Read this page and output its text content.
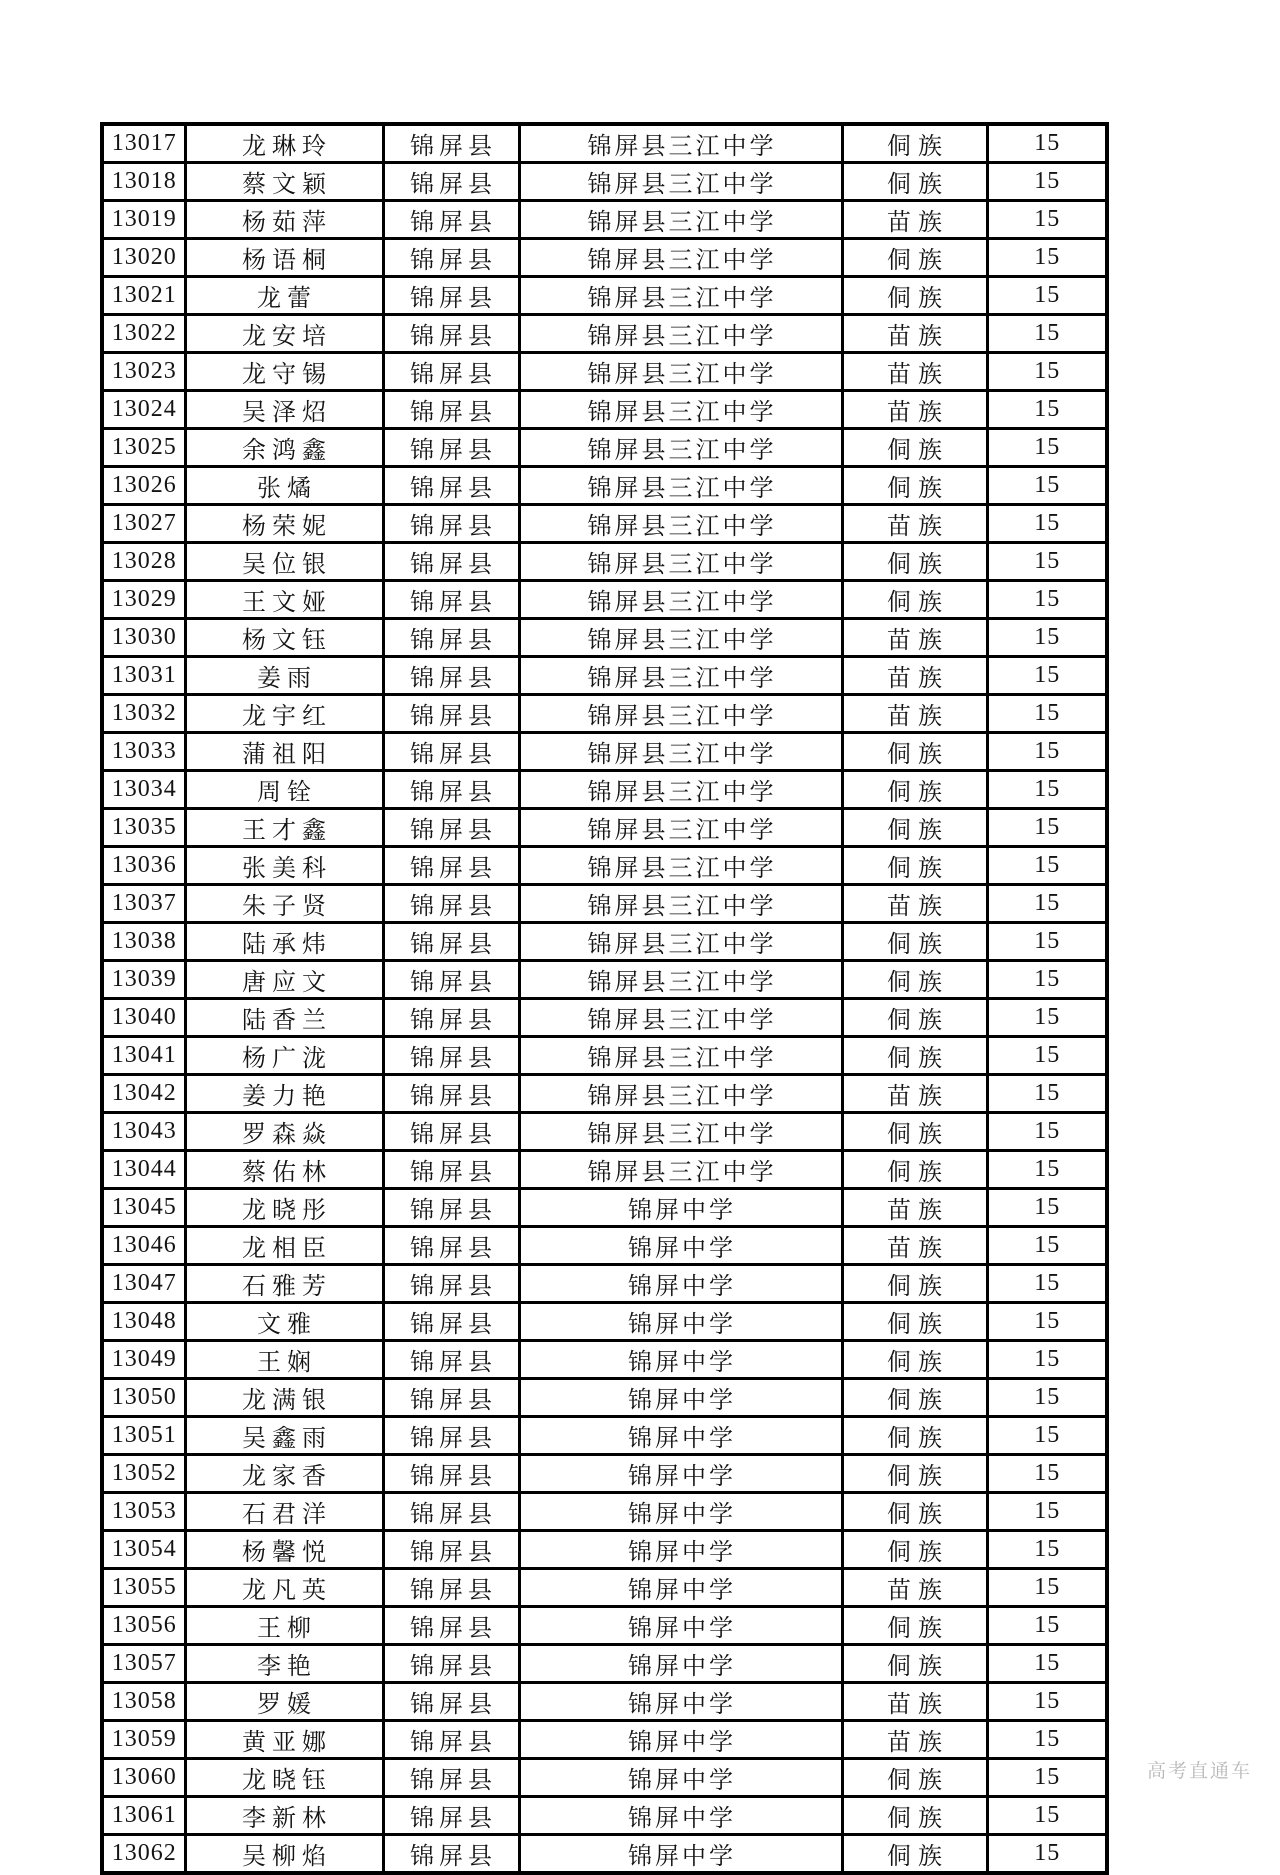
13017	龙琳玲	锦屏县	锦屏县三江中学	侗族	15
13018	蔡文颖	锦屏县	锦屏县三江中学	侗族	15
13019	杨茹萍	锦屏县	锦屏县三江中学	苗族	15
13020	杨语桐	锦屏县	锦屏县三江中学	侗族	15
13021	龙蕾	锦屏县	锦屏县三江中学	侗族	15
13022	龙安培	锦屏县	锦屏县三江中学	苗族	15
13023	龙守锡	锦屏县	锦屏县三江中学	苗族	15
13024	吴泽炤	锦屏县	锦屏县三江中学	苗族	15
13025	余鸿鑫	锦屏县	锦屏县三江中学	侗族	15
13026	张燏	锦屏县	锦屏县三江中学	侗族	15
13027	杨荣妮	锦屏县	锦屏县三江中学	苗族	15
13028	吴位银	锦屏县	锦屏县三江中学	侗族	15
13029	王文娅	锦屏县	锦屏县三江中学	侗族	15
13030	杨文钰	锦屏县	锦屏县三江中学	苗族	15
13031	姜雨	锦屏县	锦屏县三江中学	苗族	15
13032	龙宇红	锦屏县	锦屏县三江中学	苗族	15
13033	蒲祖阳	锦屏县	锦屏县三江中学	侗族	15
13034	周铨	锦屏县	锦屏县三江中学	侗族	15
13035	王才鑫	锦屏县	锦屏县三江中学	侗族	15
13036	张美科	锦屏县	锦屏县三江中学	侗族	15
13037	朱子贤	锦屏县	锦屏县三江中学	苗族	15
13038	陆承炜	锦屏县	锦屏县三江中学	侗族	15
13039	唐应文	锦屏县	锦屏县三江中学	侗族	15
13040	陆香兰	锦屏县	锦屏县三江中学	侗族	15
13041	杨广泷	锦屏县	锦屏县三江中学	侗族	15
13042	姜力艳	锦屏县	锦屏县三江中学	苗族	15
13043	罗森焱	锦屏县	锦屏县三江中学	侗族	15
13044	蔡佑林	锦屏县	锦屏县三江中学	侗族	15
13045	龙晓彤	锦屏县	锦屏中学	苗族	15
13046	龙相臣	锦屏县	锦屏中学	苗族	15
13047	石雅芳	锦屏县	锦屏中学	侗族	15
13048	文雅	锦屏县	锦屏中学	侗族	15
13049	王娴	锦屏县	锦屏中学	侗族	15
13050	龙满银	锦屏县	锦屏中学	侗族	15
13051	吴鑫雨	锦屏县	锦屏中学	侗族	15
13052	龙家香	锦屏县	锦屏中学	侗族	15
13053	石君洋	锦屏县	锦屏中学	侗族	15
13054	杨馨悦	锦屏县	锦屏中学	侗族	15
13055	龙凡英	锦屏县	锦屏中学	苗族	15
13056	王柳	锦屏县	锦屏中学	侗族	15
13057	李艳	锦屏县	锦屏中学	侗族	15
13058	罗媛	锦屏县	锦屏中学	苗族	15
13059	黄亚娜	锦屏县	锦屏中学	苗族	15
13060	龙晓钰	锦屏县	锦屏中学	侗族	15
13061	李新林	锦屏县	锦屏中学	侗族	15
13062	吴柳焰	锦屏县	锦屏中学	侗族	15
高考直通车
